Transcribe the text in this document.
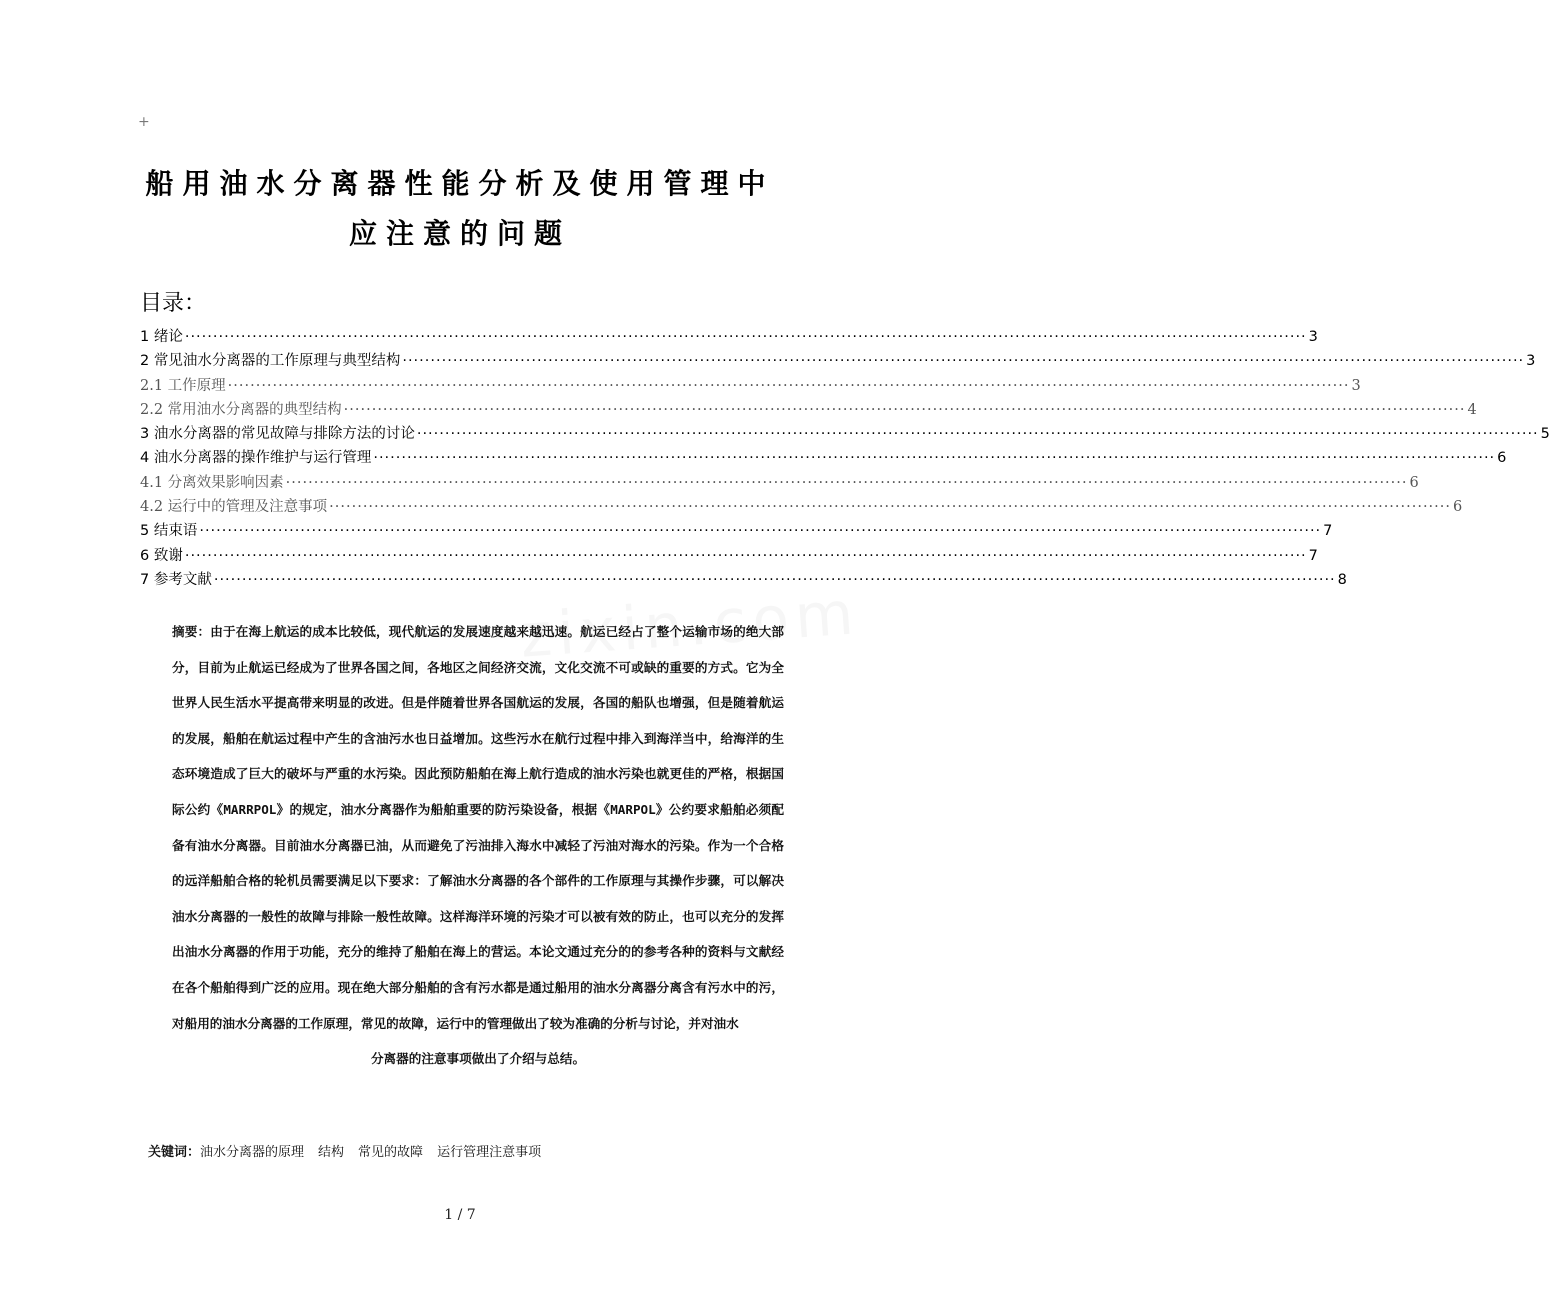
+
船用油水分离器性能分析及使用管理中
应注意的问题
目录：
1 绪论 ········································································································································································································ 3
2 常见油水分离器的工作原理与典型结构 ········································································································································································································ 3
2.1 工作原理 ········································································································································································································ 3
2.2 常用油水分离器的典型结构 ········································································································································································································ 4
3 油水分离器的常见故障与排除方法的讨论 ········································································································································································································ 5
4 油水分离器的操作维护与运行管理 ········································································································································································································ 6
4.1 分离效果影响因素 ········································································································································································································ 6
4.2 运行中的管理及注意事项 ········································································································································································································ 6
5 结束语 ········································································································································································································ 7
6 致谢 ········································································································································································································ 7
7 参考文献 ········································································································································································································ 8
摘要：由于在海上航运的成本比较低，现代航运的发展速度越来越迅速。航运已经占了整个运输市场的绝大部分，目前为止航运已经成为了世界各国之间，各地区之间经济交流，文化交流不可或缺的重要的方式。它为全世界人民生活水平提高带来明显的改进。但是伴随着世界各国航运的发展，各国的船队也增强，但是随着航运的发展，船舶在航运过程中产生的含油污水也日益增加。这些污水在航行过程中排入到海洋当中，给海洋的生态环境造成了巨大的破坏与严重的水污染。因此预防船舶在海上航行造成的油水污染也就更佳的严格，根据国际公约《MARRPOL》的规定，油水分离器作为船舶重要的防污染设备，根据《MARPOL》公约要求船舶必须配备有油水分离器。目前油水分离器已油，从而避免了污油排入海水中减轻了污油对海水的污染。作为一个合格的远洋船舶合格的轮机员需要满足以下要求：了解油水分离器的各个部件的工作原理与其操作步骤，可以解决油水分离器的一般性的故障与排除一般性故障。这样海洋环境的污染才可以被有效的防止，也可以充分的发挥出油水分离器的作用于功能，充分的维持了船舶在海上的营运。本论文通过充分的的参考各种的资料与文献经在各个船舶得到广泛的应用。现在绝大部分船舶的含有污水都是通过船用的油水分离器分离含有污水中的污，对船用的油水分离器的工作原理，常见的故障，运行中的管理做出了较为准确的分析与讨论，并对油水
分离器的注意事项做出了介绍与总结。
关键词：油水分离器的原理 结构 常见的故障 运行管理注意事项
1 / 7
